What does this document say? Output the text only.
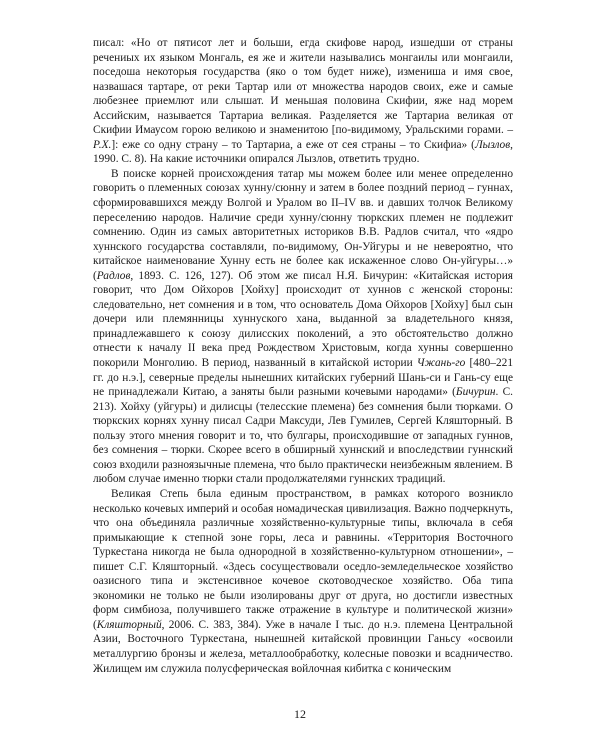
писал: «Но от пятисот лет и больши, егда скифове народ, изшедши от страны речениых их языком Монгаль, ея же и жители назывались монгаилы или монгаили, поседоша некоторыя государства (яко о том будет ниже), измениша и имя свое, назвашася тартаре, от реки Тартар или от множества народов своих, еже и самые любезнее приемлют или слышат. И меньшая половина Скифии, яже над морем Ассийским, называется Тартариа великая. Разделяется же Тартариа великая от Скифии Имаусом горою великою и знаменитою [по-видимому, Уральскими горами. – Р.Х.]: еже со одну страну – то Тартариа, а еже от сея страны – то Скифиа» (Лызлов, 1990. С. 8). На какие источники опирался Лызлов, ответить трудно.

В поиске корней происхождения татар мы можем более или менее определенно говорить о племенных союзах хунну/сюнну и затем в более поздний период – гуннах, сформировавшихся между Волгой и Уралом во II–IV вв. и давших толчок Великому переселению народов. Наличие среди хунну/сюнну тюркских племен не подлежит сомнению. Один из самых авторитетных историков В.В. Радлов считал, что «ядро хуннского государства составляли, по-видимому, Он-Уйгуры и не невероятно, что китайское наименование Хунну есть не более как искаженное слово Он-уйгуры…» (Радлов, 1893. С. 126, 127). Об этом же писал Н.Я. Бичурин: «Китайская история говорит, что Дом Ойхоров [Хойху] происходит от хуннов с женской стороны: следовательно, нет сомнения и в том, что основатель Дома Ойхоров [Хойху] был сын дочери или племянницы хуннуского хана, выданной за владетельного князя, принадлежавшего к союзу дилисских поколений, а это обстоятельство должно отнести к началу II века пред Рождеством Христовым, когда хунны совершенно покорили Монголию. В период, названный в китайской истории Чжань-го [480–221 гг. до н.э.], северные пределы нынешних китайских губерний Шань-си и Гань-су еще не принадлежали Китаю, а заняты были разными кочевыми народами» (Бичурин. С. 213). Хойху (уйгуры) и дилисцы (телесские племена) без сомнения были тюрками. О тюркских корнях хунну писал Садри Максуди, Лев Гумилев, Сергей Кляшторный. В пользу этого мнения говорит и то, что булгары, происходившие от западных гуннов, без сомнения – тюрки. Скорее всего в обширный хуннский и впоследствии гуннский союз входили разноязычные племена, что было практически неизбежным явлением. В любом случае именно тюрки стали продолжателями гуннских традиций.

Великая Степь была единым пространством, в рамках которого возникло несколько кочевых империй и особая номадическая цивилизация. Важно подчеркнуть, что она объединяла различные хозяйственно-культурные типы, включала в себя примыкающие к степной зоне горы, леса и равнины. «Территория Восточного Туркестана никогда не была однородной в хозяйственно-культурном отношении», – пишет С.Г. Кляшторный. «Здесь сосуществовали оседло-земледельческое хозяйство оазисного типа и экстенсивное кочевое скотоводческое хозяйство. Оба типа экономики не только не были изолированы друг от друга, но достигли известных форм симбиоза, получившего также отражение в культуре и политической жизни» (Кляшторный, 2006. С. 383, 384). Уже в начале I тыс. до н.э. племена Центральной Азии, Восточного Туркестана, нынешней китайской провинции Ганьсу «освоили металлургию бронзы и железа, металлообработку, колесные повозки и всадничество. Жилищем им служила полусферическая войлочная кибитка с коническим

12
